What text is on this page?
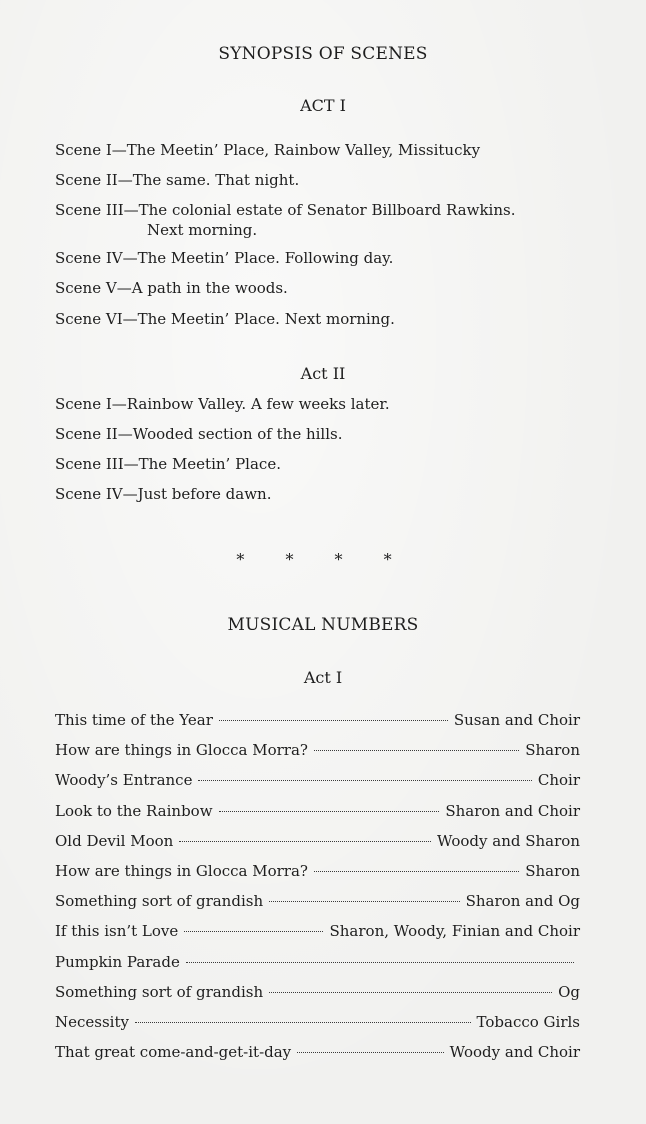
SYNOPSIS OF SCENES
ACT I
Scene I—The Meetin’ Place, Rainbow Valley, Missitucky
Scene II—The same. That night.
Scene III—The colonial estate of Senator Billboard Rawkins.
Next morning.
Scene IV—The Meetin’ Place. Following day.
Scene V—A path in the woods.
Scene VI—The Meetin’ Place. Next morning.
Act II
Scene I—Rainbow Valley. A few weeks later.
Scene II—Wooded section of the hills.
Scene III—The Meetin’ Place.
Scene IV—Just before dawn.
* * * *
MUSICAL NUMBERS
Act I
This time of the Year	Susan and Choir
How are things in Glocca Morra?	Sharon
Woody’s Entrance	Choir
Look to the Rainbow	Sharon and Choir
Old Devil Moon	Woody and Sharon
How are things in Glocca Morra?	Sharon
Something sort of grandish	Sharon and Og
If this isn’t Love	Sharon, Woody, Finian and Choir
Pumpkin Parade
Something sort of grandish	Og
Necessity	Tobacco Girls
That great come-and-get-it-day	Woody and Choir
